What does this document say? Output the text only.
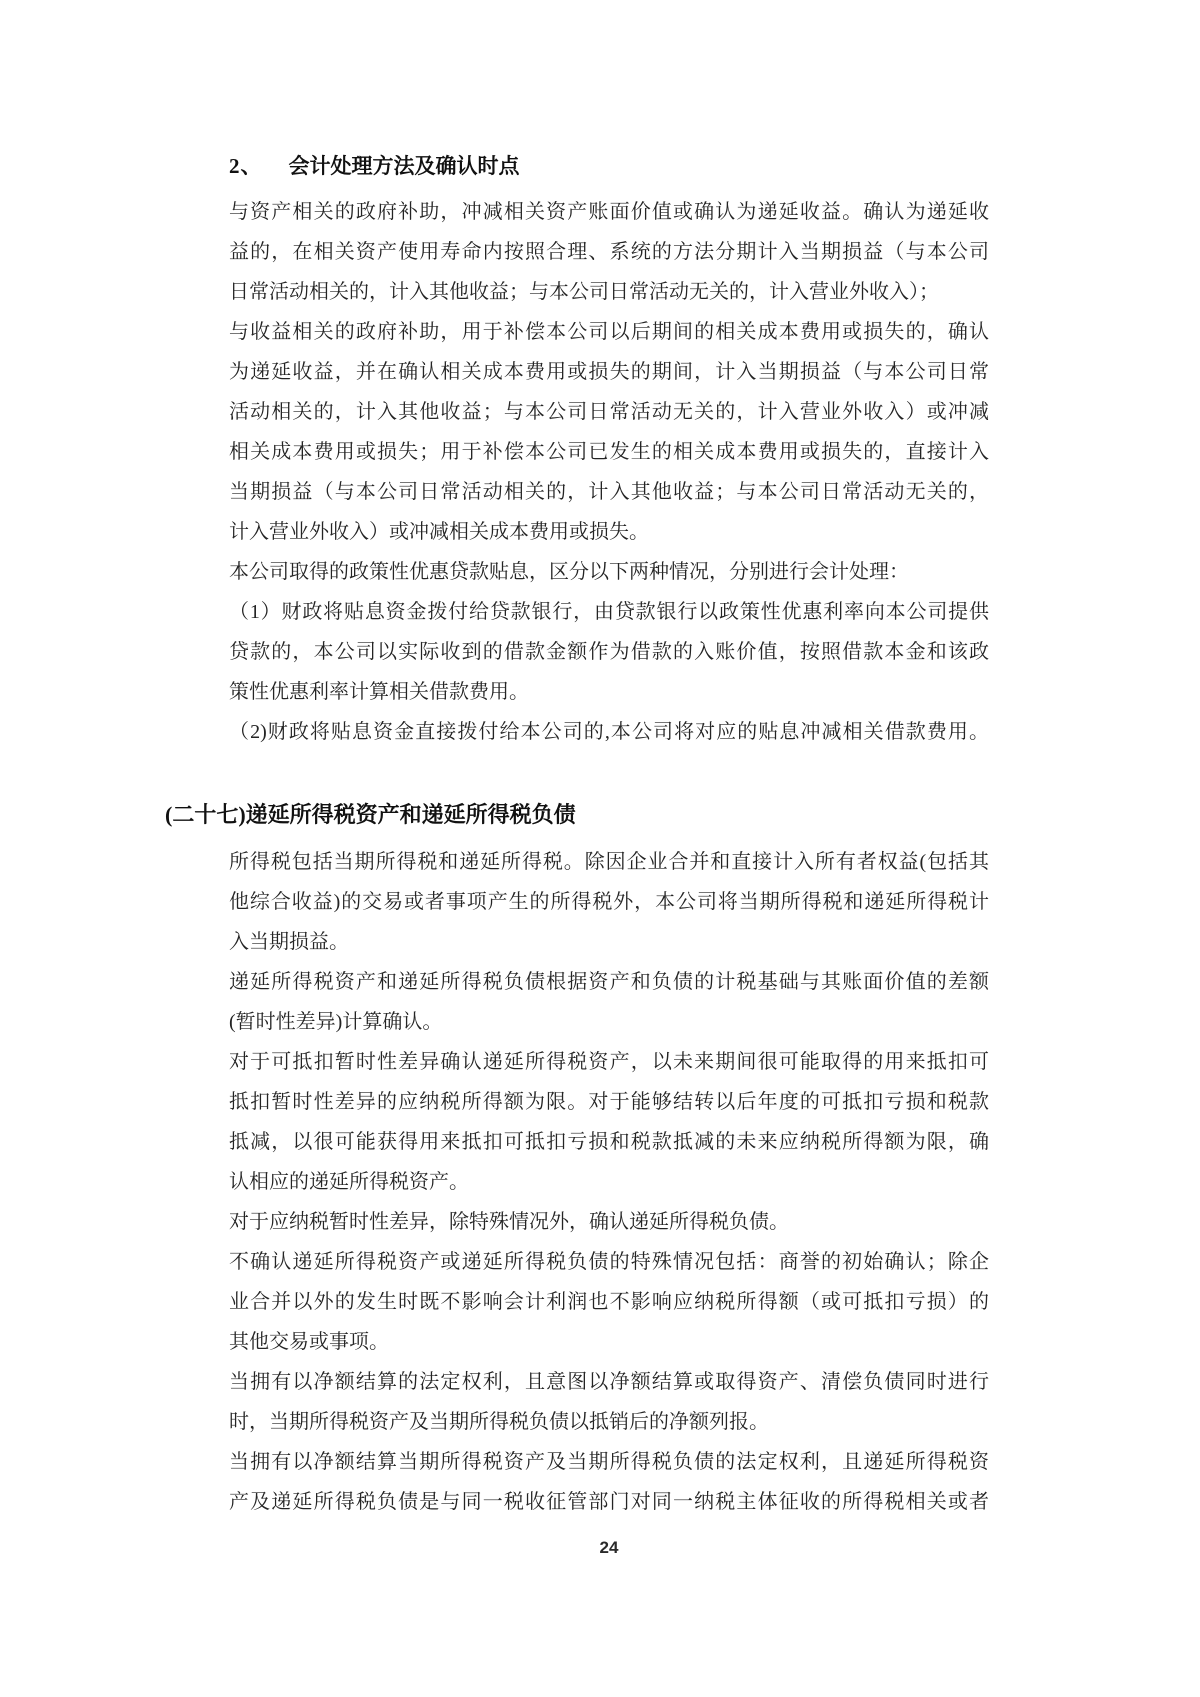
2、 会计处理方法及确认时点
与资产相关的政府补助，冲减相关资产账面价值或确认为递延收益。确认为递延收
益的，在相关资产使用寿命内按照合理、系统的方法分期计入当期损益（与本公司
日常活动相关的，计入其他收益；与本公司日常活动无关的，计入营业外收入）；
与收益相关的政府补助，用于补偿本公司以后期间的相关成本费用或损失的，确认
为递延收益，并在确认相关成本费用或损失的期间，计入当期损益（与本公司日常
活动相关的，计入其他收益；与本公司日常活动无关的，计入营业外收入）或冲减
相关成本费用或损失；用于补偿本公司已发生的相关成本费用或损失的，直接计入
当期损益（与本公司日常活动相关的，计入其他收益；与本公司日常活动无关的，
计入营业外收入）或冲减相关成本费用或损失。
本公司取得的政策性优惠贷款贴息，区分以下两种情况，分别进行会计处理：
（1）财政将贴息资金拨付给贷款银行，由贷款银行以政策性优惠利率向本公司提供
贷款的，本公司以实际收到的借款金额作为借款的入账价值，按照借款本金和该政
策性优惠利率计算相关借款费用。
（2)财政将贴息资金直接拨付给本公司的,本公司将对应的贴息冲减相关借款费用。
(二十七)递延所得税资产和递延所得税负债
所得税包括当期所得税和递延所得税。除因企业合并和直接计入所有者权益(包括其
他综合收益)的交易或者事项产生的所得税外，本公司将当期所得税和递延所得税计
入当期损益。
递延所得税资产和递延所得税负债根据资产和负债的计税基础与其账面价值的差额
(暂时性差异)计算确认。
对于可抵扣暂时性差异确认递延所得税资产，以未来期间很可能取得的用来抵扣可
抵扣暂时性差异的应纳税所得额为限。对于能够结转以后年度的可抵扣亏损和税款
抵减，以很可能获得用来抵扣可抵扣亏损和税款抵减的未来应纳税所得额为限，确
认相应的递延所得税资产。
对于应纳税暂时性差异，除特殊情况外，确认递延所得税负债。
不确认递延所得税资产或递延所得税负债的特殊情况包括：商誉的初始确认；除企
业合并以外的发生时既不影响会计利润也不影响应纳税所得额（或可抵扣亏损）的
其他交易或事项。
当拥有以净额结算的法定权利，且意图以净额结算或取得资产、清偿负债同时进行
时，当期所得税资产及当期所得税负债以抵销后的净额列报。
当拥有以净额结算当期所得税资产及当期所得税负债的法定权利，且递延所得税资
产及递延所得税负债是与同一税收征管部门对同一纳税主体征收的所得税相关或者
24
